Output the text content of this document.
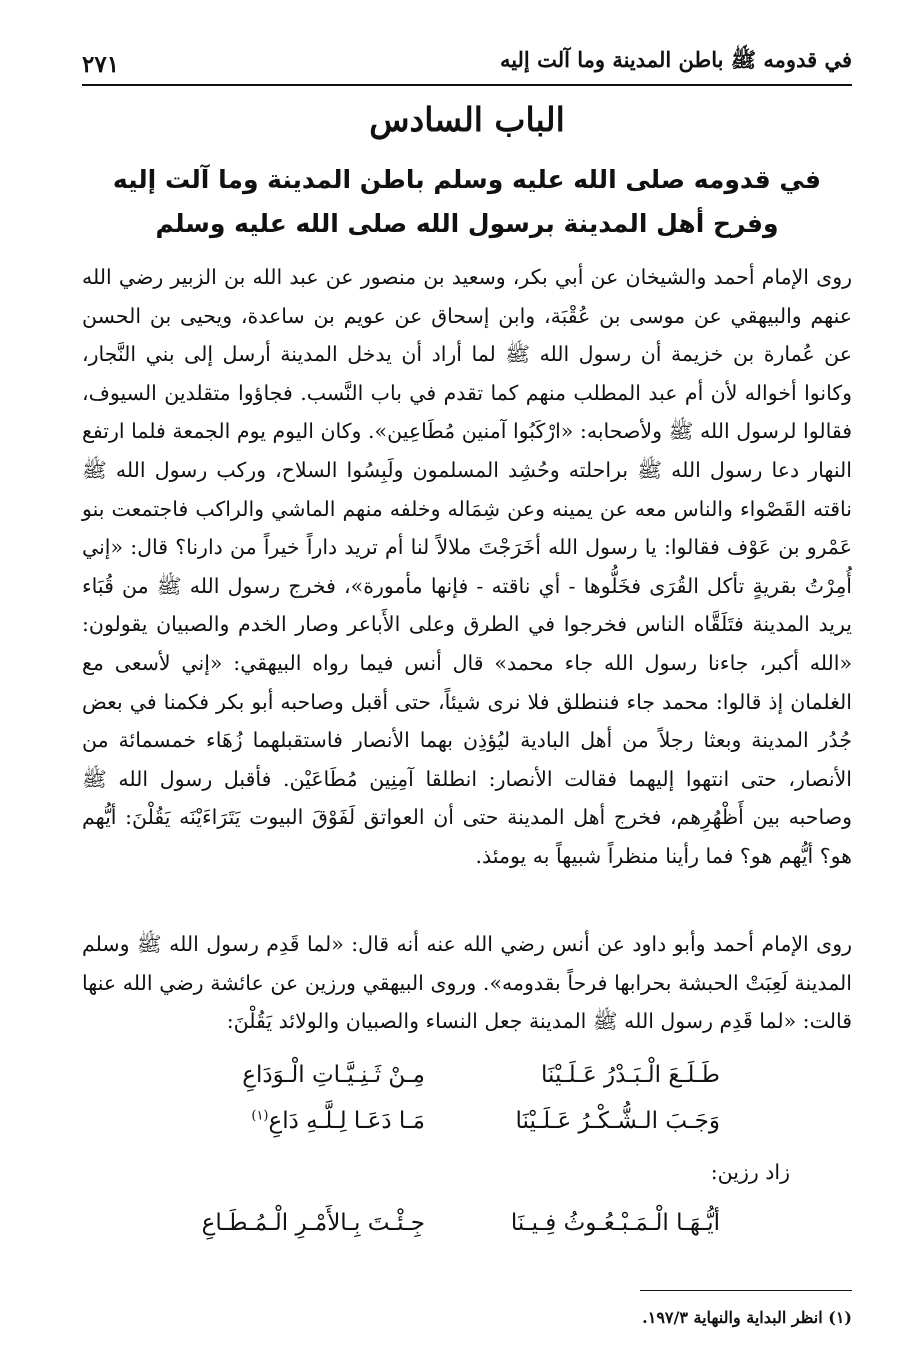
في قدومه ﷺ باطن المدينة وما آلت إليه
٢٧١
الباب السادس
في قدومه صلى الله عليه وسلم باطن المدينة وما آلت إليه
وفرح أهل المدينة برسول الله صلى الله عليه وسلم

روى الإمام أحمد والشيخان عن أبي بكر، وسعيد بن منصور عن عبد الله بن الزبير رضي الله عنهم والبيهقي عن موسى بن عُقْبَة، وابن إسحاق عن عويم بن ساعدة، ويحيى بن الحسن عن عُمارة بن خزيمة أن رسول الله ﷺ لما أراد أن يدخل المدينة أرسل إلى بني النَّجار، وكانوا أخواله لأن أم عبد المطلب منهم كما تقدم في باب النَّسب. فجاؤوا متقلدين السيوف، فقالوا لرسول الله ﷺ ولأصحابه: «ارْكَبُوا آمنين مُطَاعِين». وكان اليوم يوم الجمعة فلما ارتفع النهار دعا رسول الله ﷺ براحلته وحُشِد المسلمون ولَبِسُوا السلاح، وركب رسول الله ﷺ ناقته القَصْواء والناس معه عن يمينه وعن شِمَاله وخلفه منهم الماشي والراكب فاجتمعت بنو عَمْرو بن عَوْف فقالوا: يا رسول الله أخَرَجْتَ ملالاً لنا أم تريد داراً خيراً من دارنا؟ قال: «إني أُمِرْتُ بقريةٍ تأكل القُرَى فخَلُّوها - أي ناقته - فإنها مأمورة»، فخرج رسول الله ﷺ من قُبَاء يريد المدينة فتَلَقَّاه الناس فخرجوا في الطرق وعلى الأَباعر وصار الخدم والصبيان يقولون: «الله أكبر، جاءنا رسول الله جاء محمد» قال أنس فيما رواه البيهقي: «إني لأسعى مع الغلمان إذ قالوا: محمد جاء فننطلق فلا نرى شيئاً، حتى أقبل وصاحبه أبو بكر فكمنا في بعض جُدُر المدينة وبعثا رجلاً من أهل البادية ليُؤذِن بهما الأنصار فاستقبلهما زُهَاء خمسمائة من الأنصار، حتى انتهوا إليهما فقالت الأنصار: انطلقا آمِنِين مُطَاعَيْن. فأقبل رسول الله ﷺ وصاحبه بين أَظْهُرِهم، فخرج أهل المدينة حتى أن العواتق لَفَوْقَ البيوت يَتَرَاءَيْنَه يَقُلْنَ: أيُّهم هو؟ أيُّهم هو؟ فما رأينا منظراً شبيهاً به يومئذ.

روى الإمام أحمد وأبو داود عن أنس رضي الله عنه أنه قال: «لما قَدِم رسول الله ﷺ وسلم المدينة لَعِبَتْ الحبشة بحرابها فرحاً بقدومه». وروى البيهقي ورزين عن عائشة رضي الله عنها قالت: «لما قَدِم رسول الله ﷺ المدينة جعل النساء والصبيان والولائد يَقُلْنَ:

طَـلَـعَ الْـبَـدْرُ عَـلَـيْنَا
مِـنْ ثَـنِـيَّـاتِ الْـوَدَاعِ
وَجَـبَ الـشُّـكْـرُ عَـلَـيْنَا
مَـا دَعَـا لِـلَّـهِ دَاعِ$^{(١)}$

زاد رزين:

أيُّـهَـا الْـمَـبْـعُـوثُ فِـيـنَا
جِـئْـتَ بِـالأَمْـرِ الْـمُـطَـاعِ

(١) انظر البداية والنهاية ١٩٧/٣.
